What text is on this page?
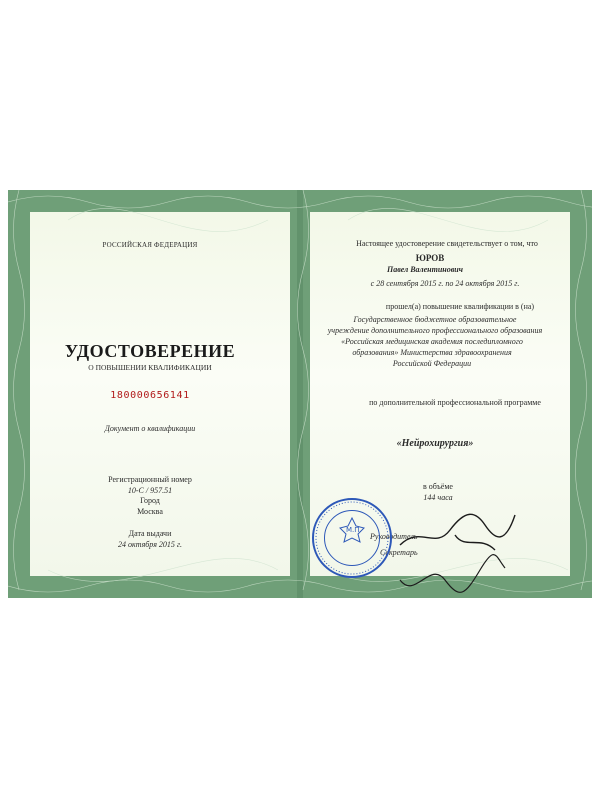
РОССИЙСКАЯ ФЕДЕРАЦИЯ
УДОСТОВЕРЕНИЕ
О ПОВЫШЕНИИ КВАЛИФИКАЦИИ
180000656141
Документ о квалификации
Регистрационный номер
10-С / 957.51
Город
Москва
Дата выдачи
24 октября 2015 г.
Настоящее удостоверение свидетельствует о том, что
ЮРОВ
Павел Валентинович
с 28 сентября 2015 г. по 24 октября 2015 г.
прошел(а) повышение квалификации в (на)
Государственное бюджетное образовательное
учреждение дополнительного профессионального образования
«Российская медицинская академия последипломного
образования» Министерства здравоохранения
Российской Федерации
по дополнительной профессиональной программе
«Нейрохирургия»
в объёме
144 часа
Руководитель
Секретарь
М.П.
